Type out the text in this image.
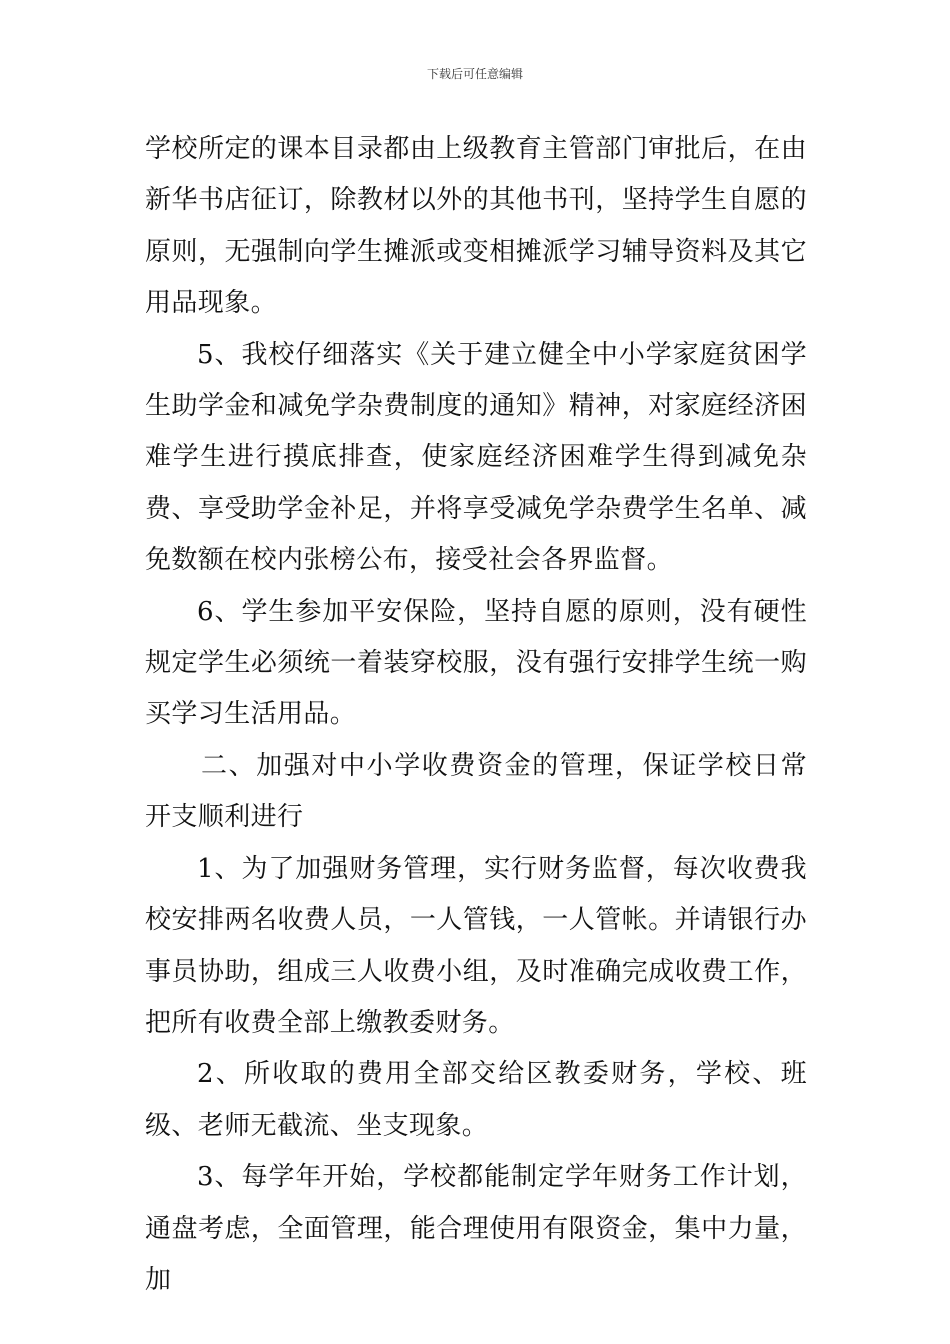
下载后可任意编辑

学校所定的课本目录都由上级教育主管部门审批后，在由新华书店征订，除教材以外的其他书刊，坚持学生自愿的原则，无强制向学生摊派或变相摊派学习辅导资料及其它用品现象。

5、我校仔细落实《关于建立健全中小学家庭贫困学生助学金和减免学杂费制度的通知》精神，对家庭经济困难学生进行摸底排查，使家庭经济困难学生得到减免杂费、享受助学金补足，并将享受减免学杂费学生名单、减免数额在校内张榜公布，接受社会各界监督。

6、学生参加平安保险，坚持自愿的原则，没有硬性规定学生必须统一着装穿校服，没有强行安排学生统一购买学习生活用品。

二、加强对中小学收费资金的管理，保证学校日常开支顺利进行

1、为了加强财务管理，实行财务监督，每次收费我校安排两名收费人员，一人管钱，一人管帐。并请银行办事员协助，组成三人收费小组，及时准确完成收费工作，把所有收费全部上缴教委财务。

2、所收取的费用全部交给区教委财务，学校、班级、老师无截流、坐支现象。

3、每学年开始，学校都能制定学年财务工作计划，通盘考虑，全面管理，能合理使用有限资金，集中力量，加
